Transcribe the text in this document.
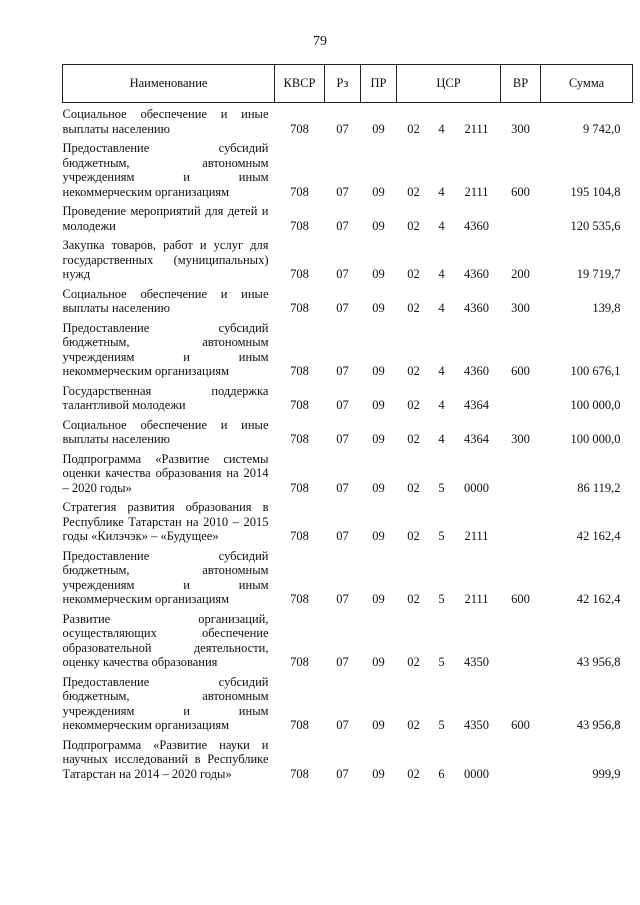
79
Наименование	КВСР	Рз	ПР	ЦСР			ВР	Сумма
Социальное обеспечение и иные выплаты населению	708	07	09	02	4	2111	300	9 742,0
Предоставление субсидий бюджетным, автономным учреждениям и иным некоммерческим организациям	708	07	09	02	4	2111	600	195 104,8
Проведение мероприятий для детей и молодежи	708	07	09	02	4	4360		120 535,6
Закупка товаров, работ и услуг для государственных (муниципальных) нужд	708	07	09	02	4	4360	200	19 719,7
Социальное обеспечение и иные выплаты населению	708	07	09	02	4	4360	300	139,8
Предоставление субсидий бюджетным, автономным учреждениям и иным некоммерческим организациям	708	07	09	02	4	4360	600	100 676,1
Государственная поддержка талантливой молодежи	708	07	09	02	4	4364		100 000,0
Социальное обеспечение и иные выплаты населению	708	07	09	02	4	4364	300	100 000,0
Подпрограмма «Развитие системы оценки качества образования на 2014 – 2020 годы»	708	07	09	02	5	0000		86 119,2
Стратегия развития образования в Республике Татарстан на 2010 – 2015 годы «Килэчэк» – «Будущее»	708	07	09	02	5	2111		42 162,4
Предоставление субсидий бюджетным, автономным учреждениям и иным некоммерческим организациям	708	07	09	02	5	2111	600	42 162,4
Развитие организаций, осуществляющих обеспечение образовательной деятельности, оценку качества образования	708	07	09	02	5	4350		43 956,8
Предоставление субсидий бюджетным, автономным учреждениям и иным некоммерческим организациям	708	07	09	02	5	4350	600	43 956,8
Подпрограмма «Развитие науки и научных исследований в Республике Татарстан на 2014 – 2020 годы»	708	07	09	02	6	0000		999,9
